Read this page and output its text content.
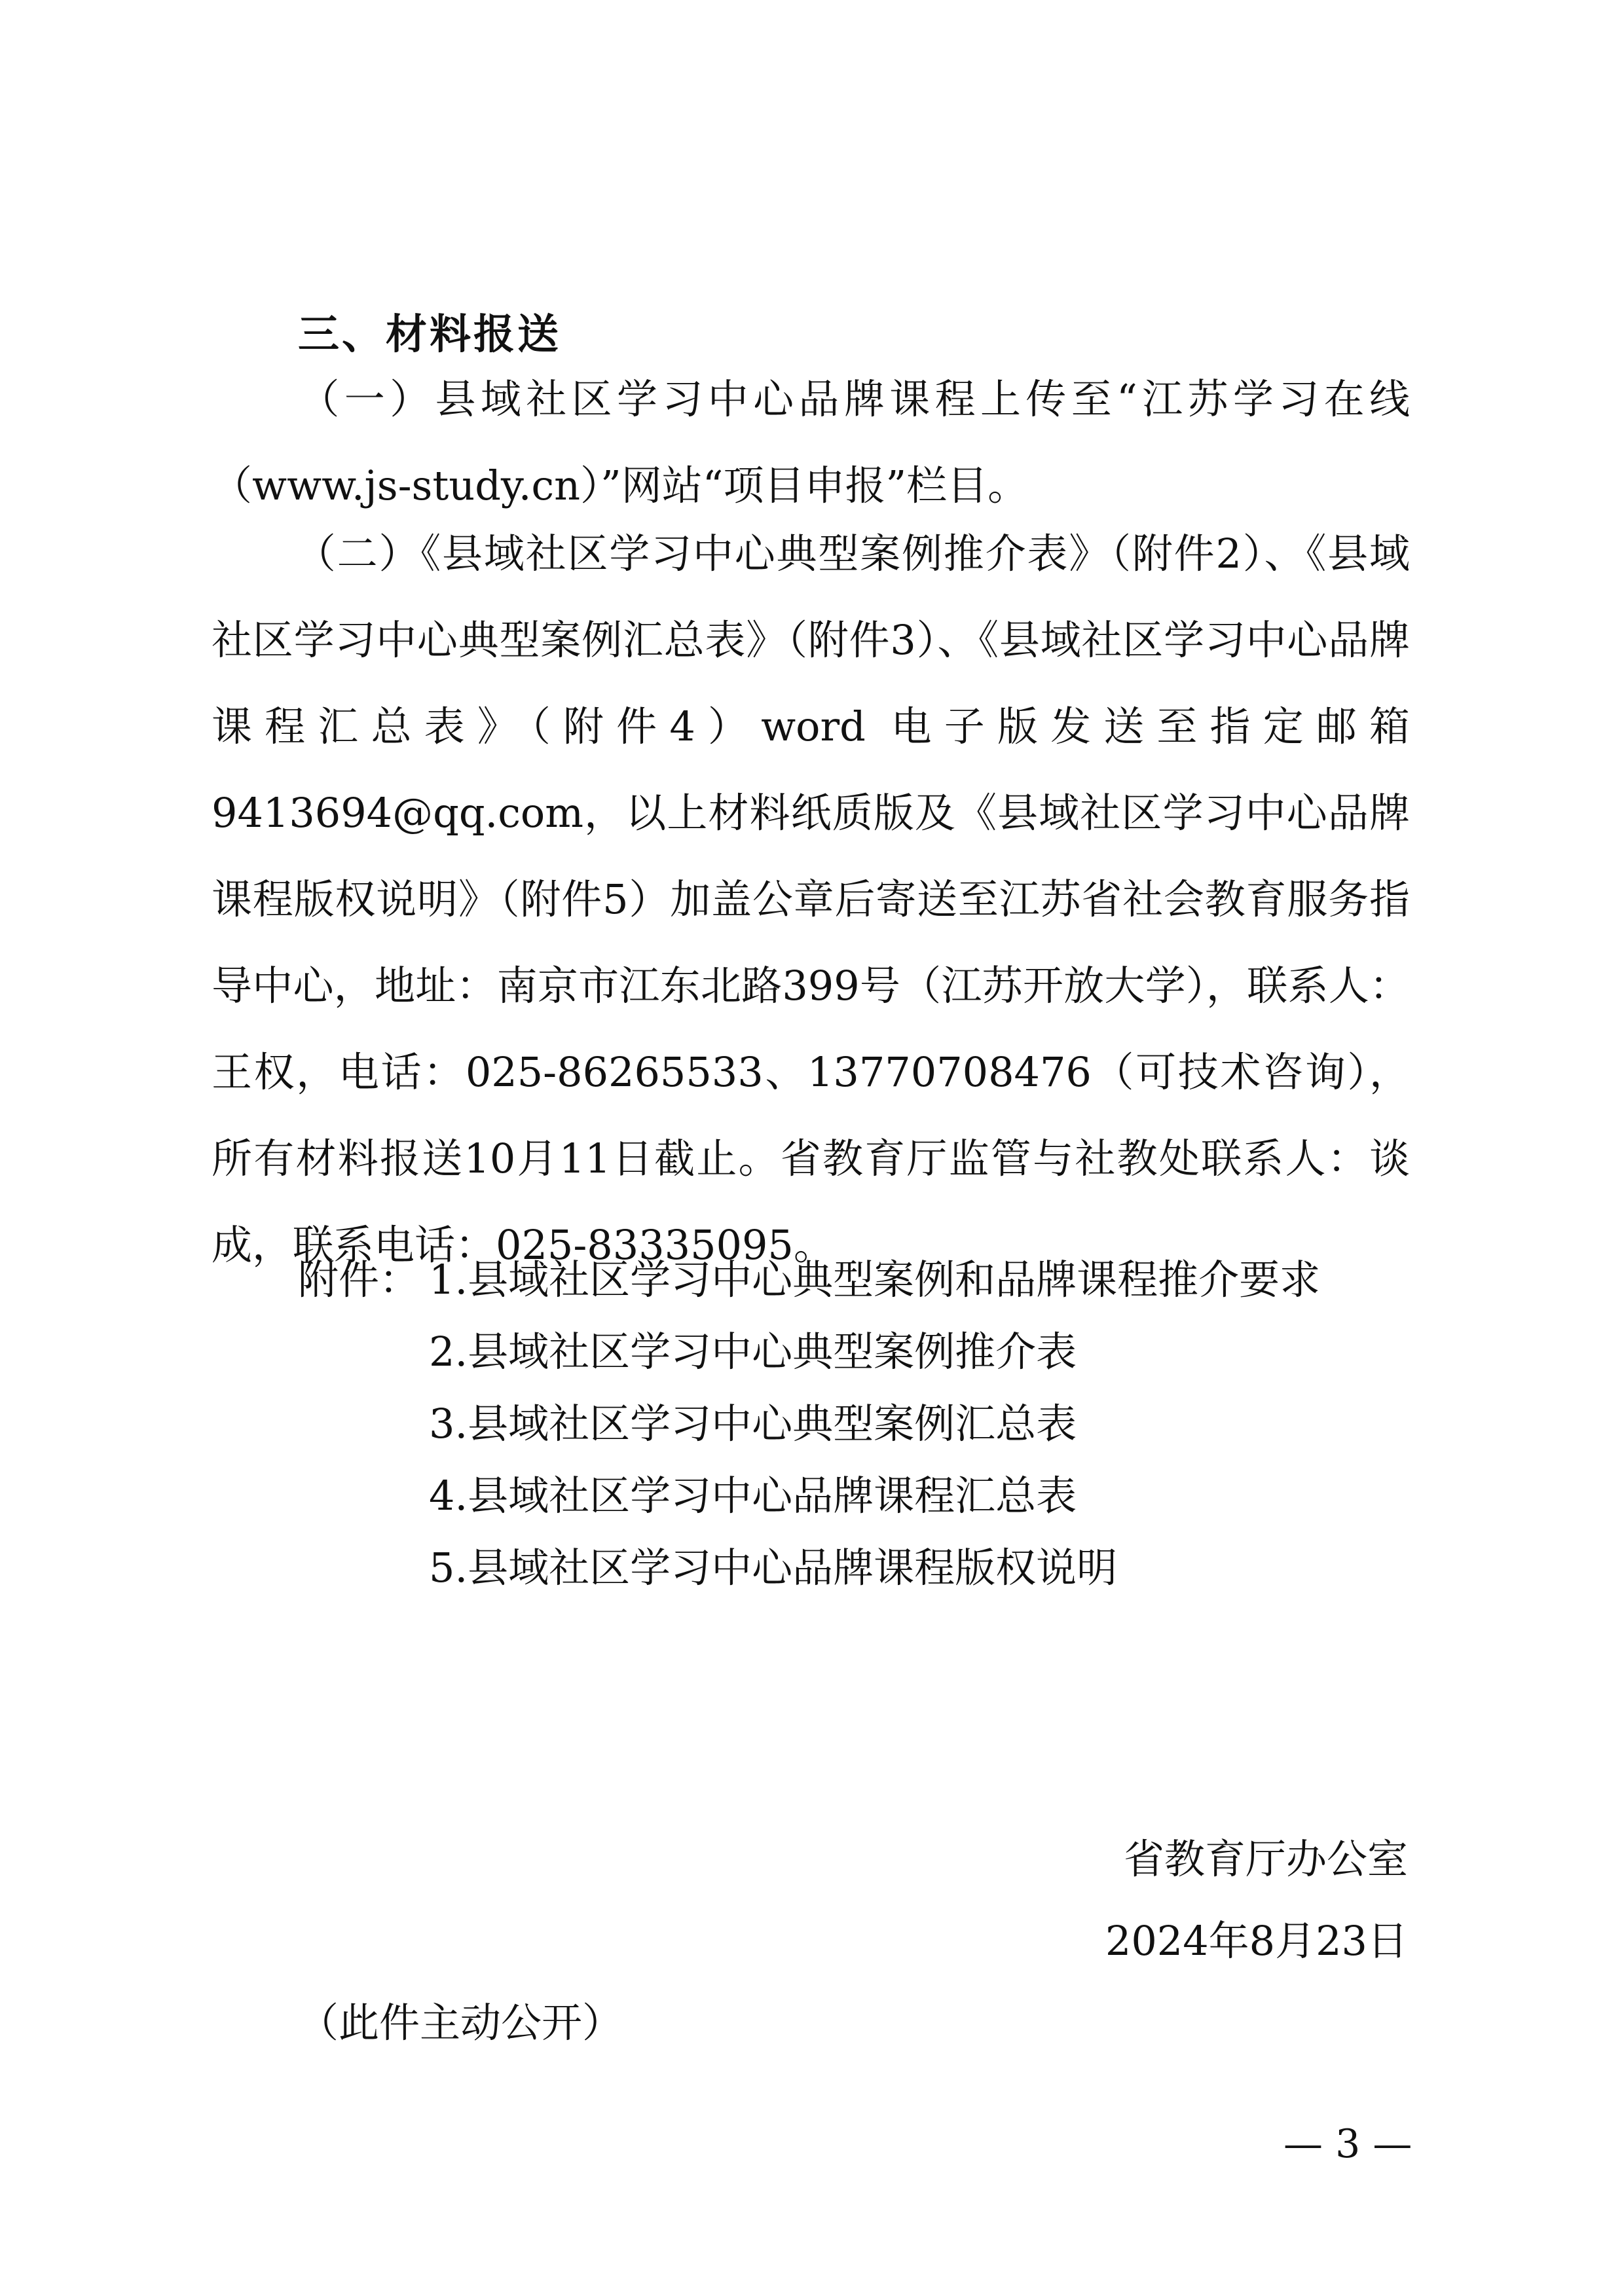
三、材料报送
（一）县域社区学习中心品牌课程上传至“江苏学习在线（www.js-study.cn）”网站“项目申报”栏目。
（二）《县域社区学习中心典型案例推介表》（附件2）、《县域社区学习中心典型案例汇总表》（附件3）、《县域社区学习中心品牌课程汇总表》（附件4）word 电子版发送至指定邮箱9413694@qq.com，以上材料纸质版及《县域社区学习中心品牌课程版权说明》（附件5）加盖公章后寄送至江苏省社会教育服务指导中心，地址：南京市江东北路399号（江苏开放大学），联系人：王权，电话：025-86265533、13770708476（可技术咨询），所有材料报送10月11日截止。省教育厅监管与社教处联系人：谈成，联系电话：025-83335095。
附件： 1.县域社区学习中心典型案例和品牌课程推介要求
2.县域社区学习中心典型案例推介表
3.县域社区学习中心典型案例汇总表
4.县域社区学习中心品牌课程汇总表
5.县域社区学习中心品牌课程版权说明
省教育厅办公室
2024年8月23日
（此件主动公开）
— 3 —
